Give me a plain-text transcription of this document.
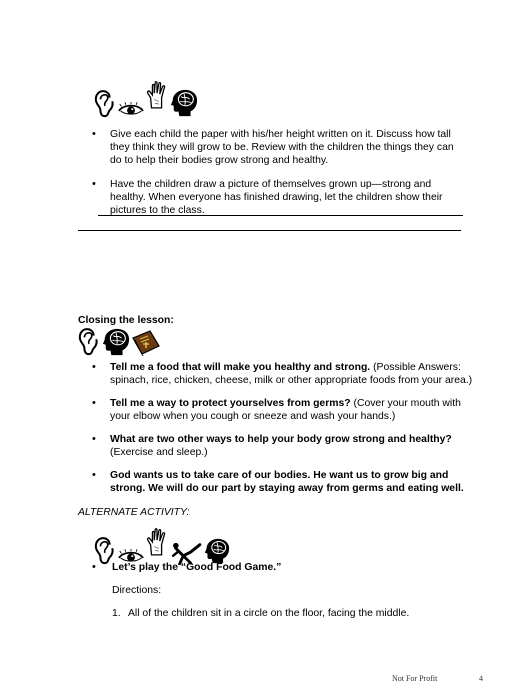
• Give each child the paper with his/her height written on it. Discuss how tall they think they will grow to be. Review with the children the things they can do to help their bodies grow strong and healthy.
• Have the children draw a picture of themselves grown up—strong and healthy. When everyone has finished drawing, let the children show their pictures to the class.
Closing the lesson:
• Tell me a food that will make you healthy and strong. (Possible Answers: spinach, rice, chicken, cheese, milk or other appropriate foods from your area.)
• Tell me a way to protect yourselves from germs? (Cover your mouth with your elbow when you cough or sneeze and wash your hands.)
• What are two other ways to help your body grow strong and healthy? (Exercise and sleep.)
• God wants us to take care of our bodies. He want us to grow big and strong. We will do our part by staying away from germs and eating well.
ALTERNATE ACTIVITY:
• Let’s play the “Good Food Game.”
Directions:
1. All of the children sit in a circle on the floor, facing the middle.
Not For Profit	4
